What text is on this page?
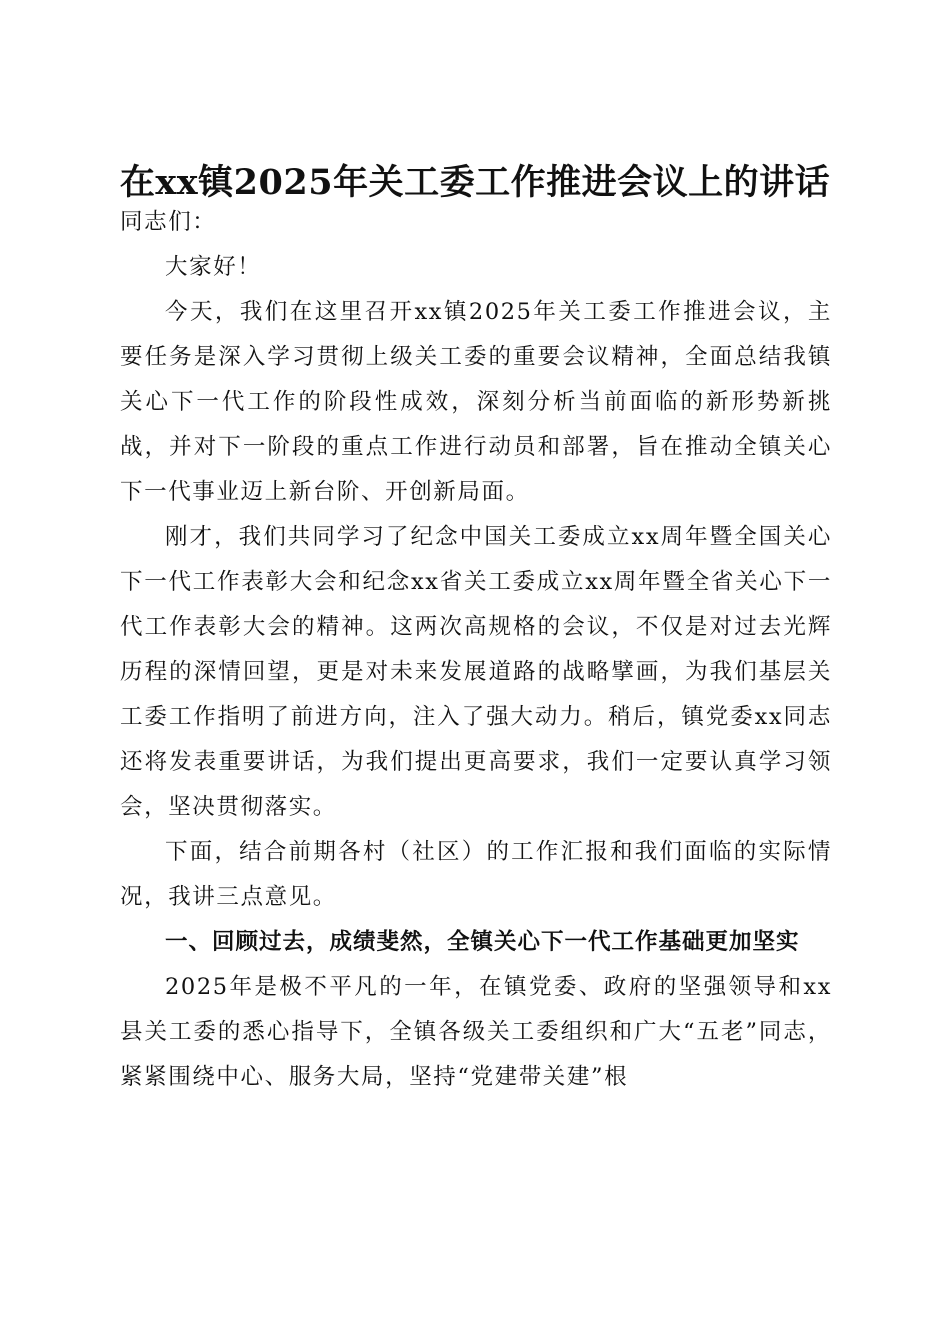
在xx镇2025年关工委工作推进会议上的讲话

同志们：

大家好！

今天，我们在这里召开xx镇2025年关工委工作推进会议，主要任务是深入学习贯彻上级关工委的重要会议精神，全面总结我镇关心下一代工作的阶段性成效，深刻分析当前面临的新形势新挑战，并对下一阶段的重点工作进行动员和部署，旨在推动全镇关心下一代事业迈上新台阶、开创新局面。

刚才，我们共同学习了纪念中国关工委成立xx周年暨全国关心下一代工作表彰大会和纪念xx省关工委成立xx周年暨全省关心下一代工作表彰大会的精神。这两次高规格的会议，不仅是对过去光辉历程的深情回望，更是对未来发展道路的战略擘画，为我们基层关工委工作指明了前进方向，注入了强大动力。稍后，镇党委xx同志还将发表重要讲话，为我们提出更高要求，我们一定要认真学习领会，坚决贯彻落实。

下面，结合前期各村（社区）的工作汇报和我们面临的实际情况，我讲三点意见。

一、回顾过去，成绩斐然，全镇关心下一代工作基础更加坚实

2025年是极不平凡的一年，在镇党委、政府的坚强领导和xx县关工委的悉心指导下，全镇各级关工委组织和广大“五老”同志，紧紧围绕中心、服务大局，坚持“党建带关建”根
